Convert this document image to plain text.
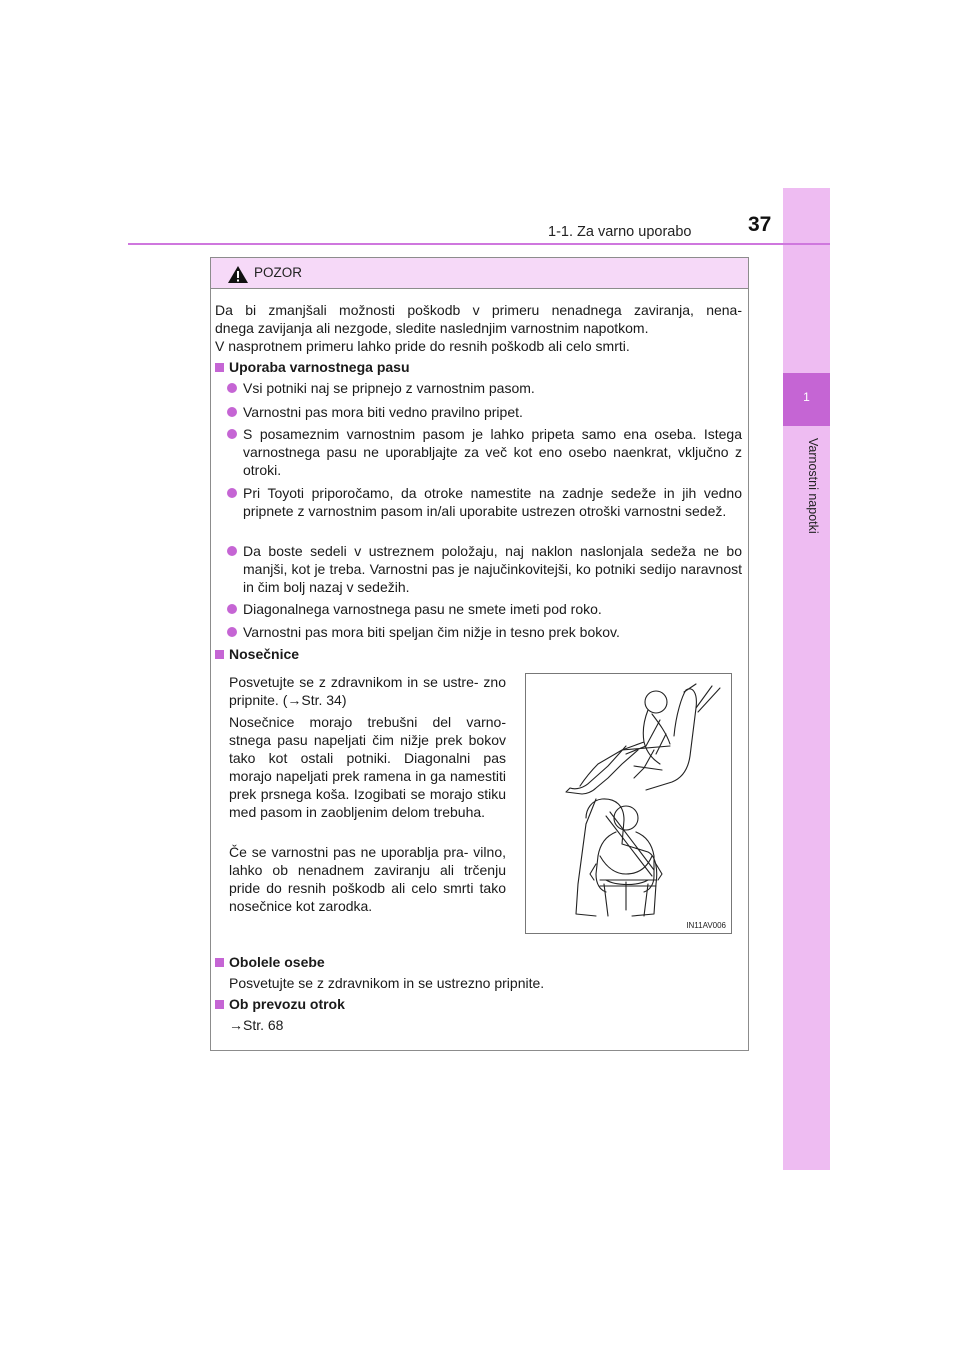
1
Varnostni napotki
1-1. Za varno uporabo	37
POZOR
Da bi zmanjšali možnosti poškodb v primeru nenadnega zaviranja, nena-
dnega zavijanja ali nezgode, sledite naslednjim varnostnim napotkom.
V nasprotnem primeru lahko pride do resnih poškodb ali celo smrti.
Uporaba varnostnega pasu
Vsi potniki naj se pripnejo z varnostnim pasom.
Varnostni pas mora biti vedno pravilno pripet.
S posameznim varnostnim pasom je lahko pripeta samo ena oseba. Istega varnostnega pasu ne uporabljajte za več kot eno osebo naenkrat, vključno z otroki.
Pri Toyoti priporočamo, da otroke namestite na zadnje sedeže in jih vedno pripnete z varnostnim pasom in/ali uporabite ustrezen otroški varnostni sedež.
Da boste sedeli v ustreznem položaju, naj naklon naslonjala sedeža ne bo manjši, kot je treba. Varnostni pas je najučinkovitejši, ko potniki sedijo naravnost in čim bolj nazaj v sedežih.
Diagonalnega varnostnega pasu ne smete imeti pod roko.
Varnostni pas mora biti speljan čim nižje in tesno prek bokov.
Nosečnice
Posvetujte se z zdravnikom in se ustre- zno pripnite. (→Str. 34)
Nosečnice morajo trebušni del varno- stnega pasu napeljati čim nižje prek bokov tako kot ostali potniki. Diagonalni pas morajo napeljati prek ramena in ga namestiti prek prsnega koša. Izogibati se morajo stiku med pasom in zaobljenim delom trebuha.
Če se varnostni pas ne uporablja pra- vilno, lahko ob nenadnem zaviranju ali trčenju pride do resnih poškodb ali celo smrti tako nosečnice kot zarodka.
IN11AV006
Obolele osebe
Posvetujte se z zdravnikom in se ustrezno pripnite.
Ob prevozu otrok
→Str. 68
